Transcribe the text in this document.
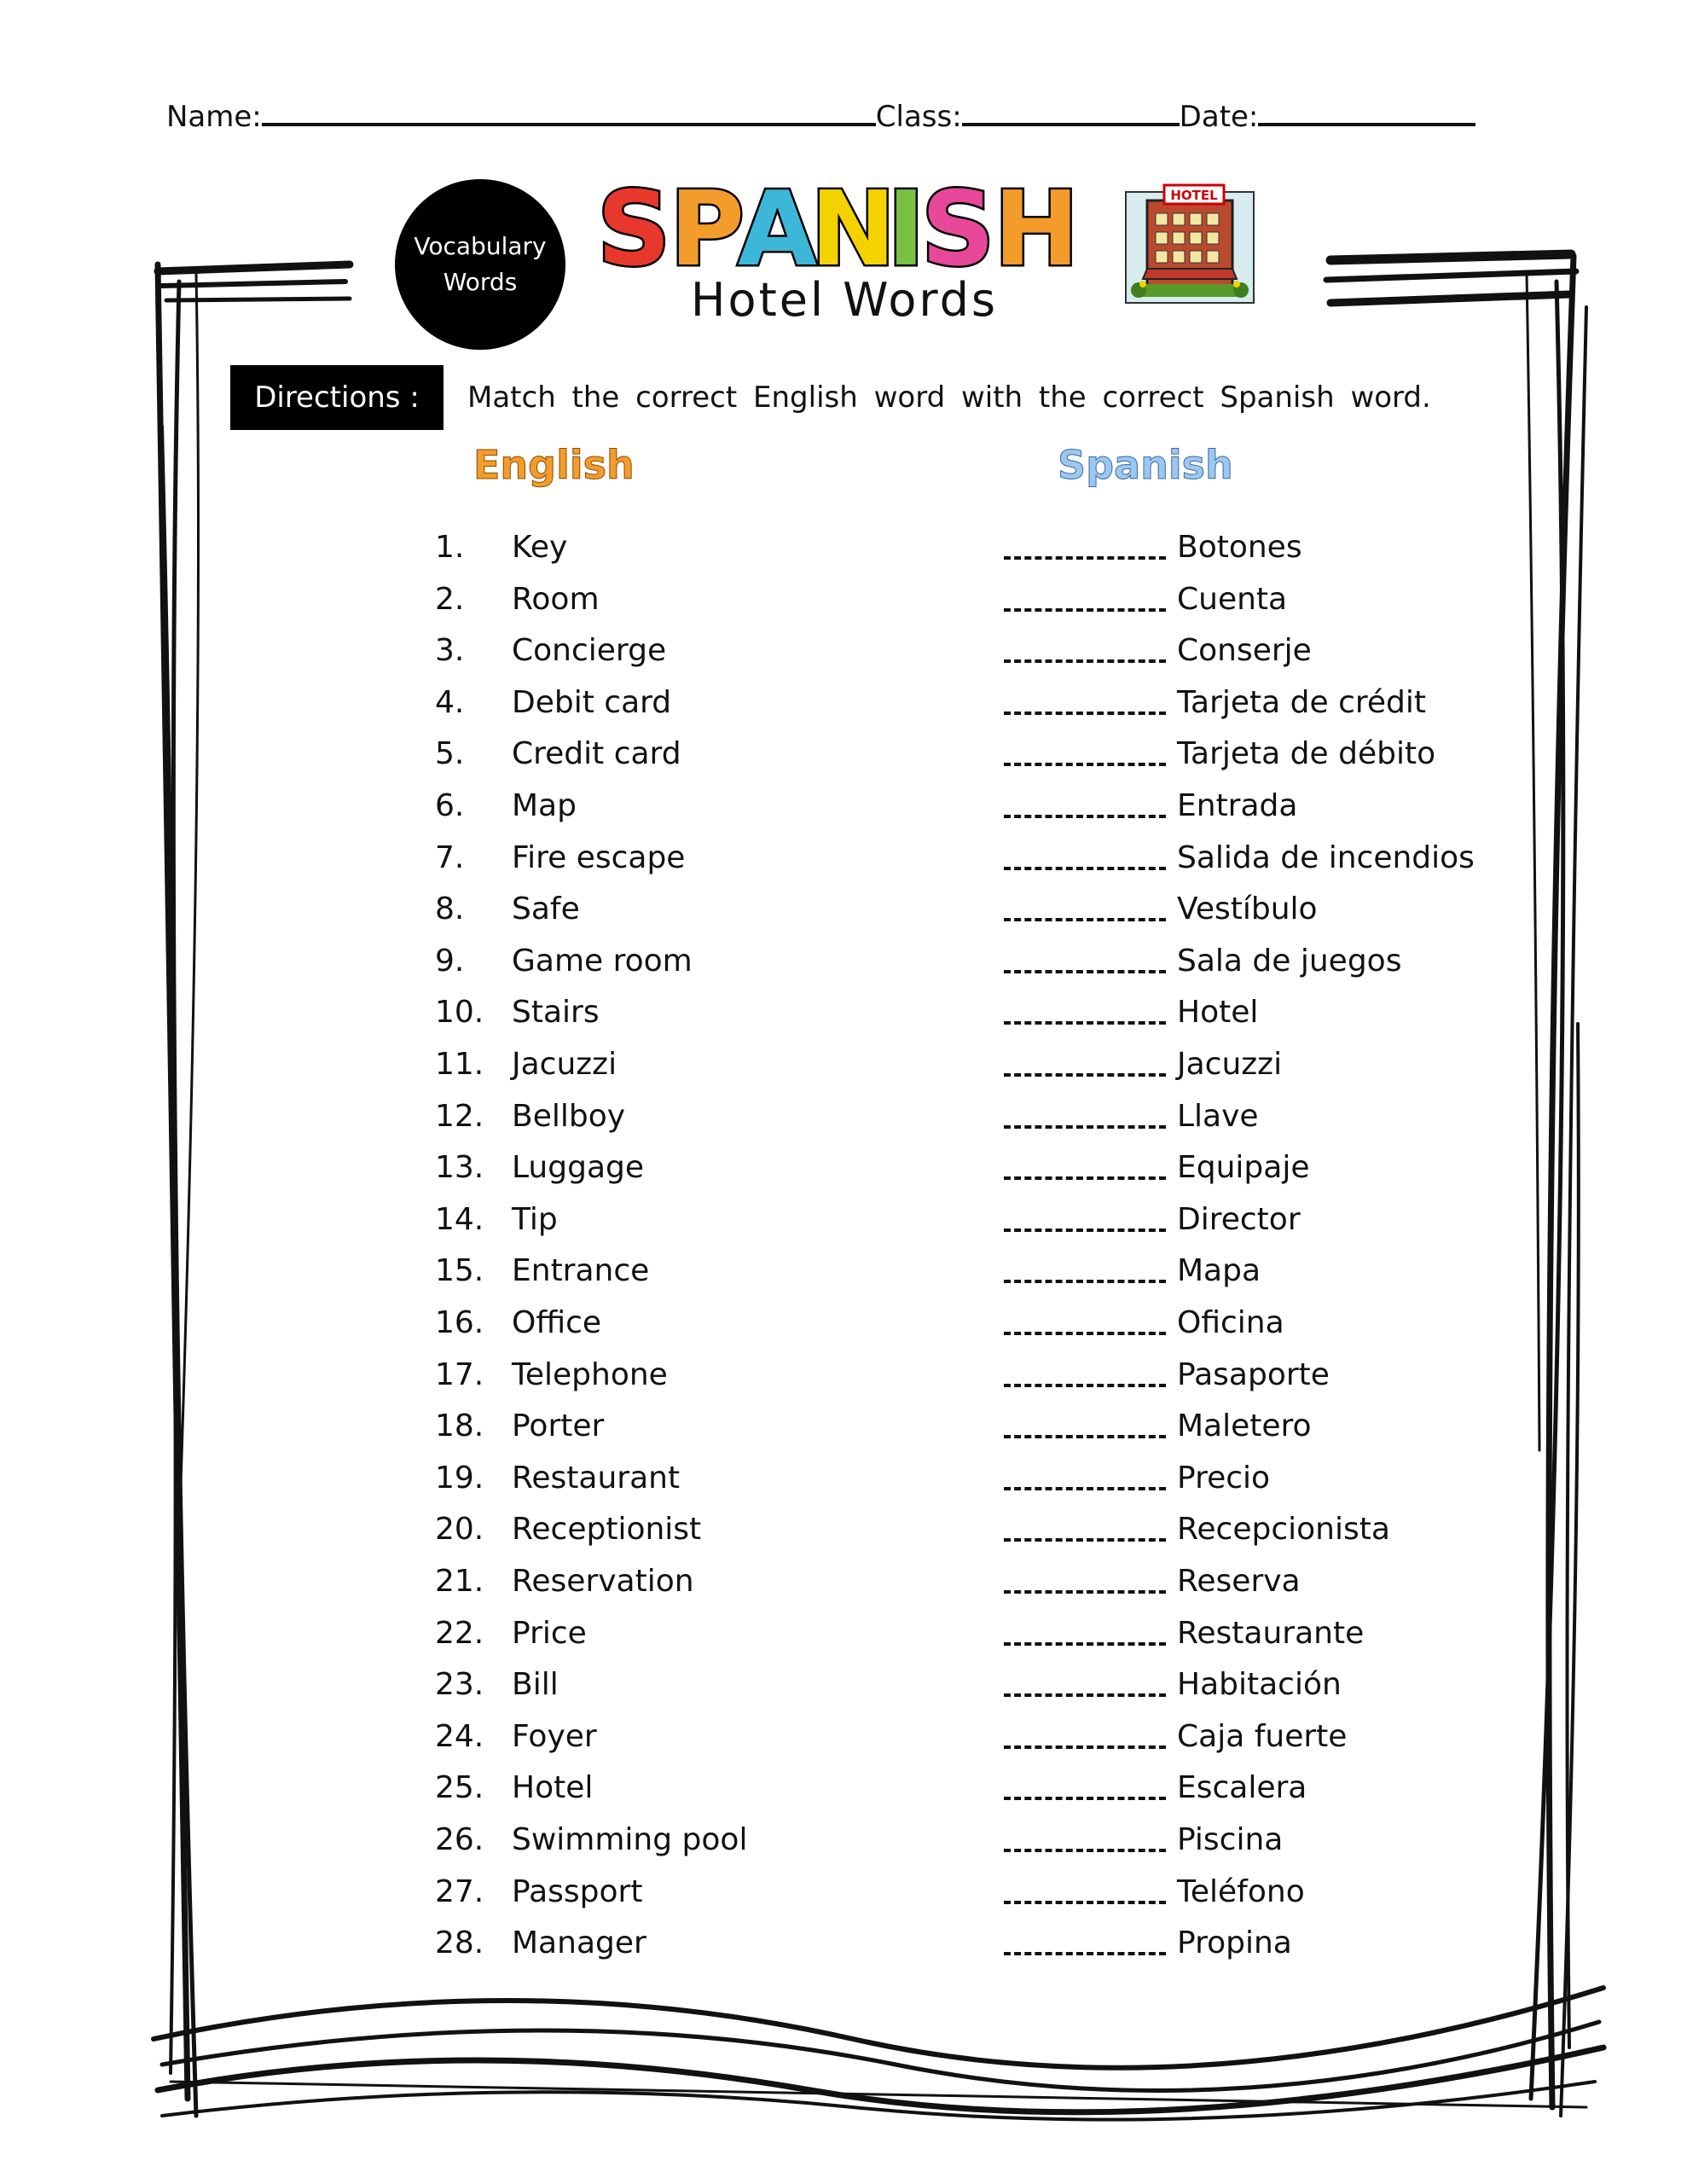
Name:	Class:	Date:
Vocabulary
Words S
P
A
N
I
S
H
Hotel Words
HOTEL
Directions :	Match the correct English word with the correct Spanish word.
English	Spanish
1.	Key	Botones
2.	Room	Cuenta
3.	Concierge	Conserje
4.	Debit card	Tarjeta de crédit
5.	Credit card	Tarjeta de débito
6.	Map	Entrada
7.	Fire escape	Salida de incendios
8.	Safe	Vestíbulo
9.	Game room	Sala de juegos
10. Stairs	Hotel
11. Jacuzzi	Jacuzzi
12. Bellboy	Llave
13. Luggage	Equipaje
14. Tip	Director
15. Entrance	Mapa
16. Office	Oficina
17. Telephone	Pasaporte
18. Porter	Maletero
19. Restaurant	Precio
20. Receptionist	Recepcionista
21. Reservation	Reserva
22. Price	Restaurante
23. Bill	Habitación
24. Foyer	Caja fuerte
25. Hotel	Escalera
26. Swimming pool	Piscina
27. Passport	Teléfono
28. Manager	Propina
